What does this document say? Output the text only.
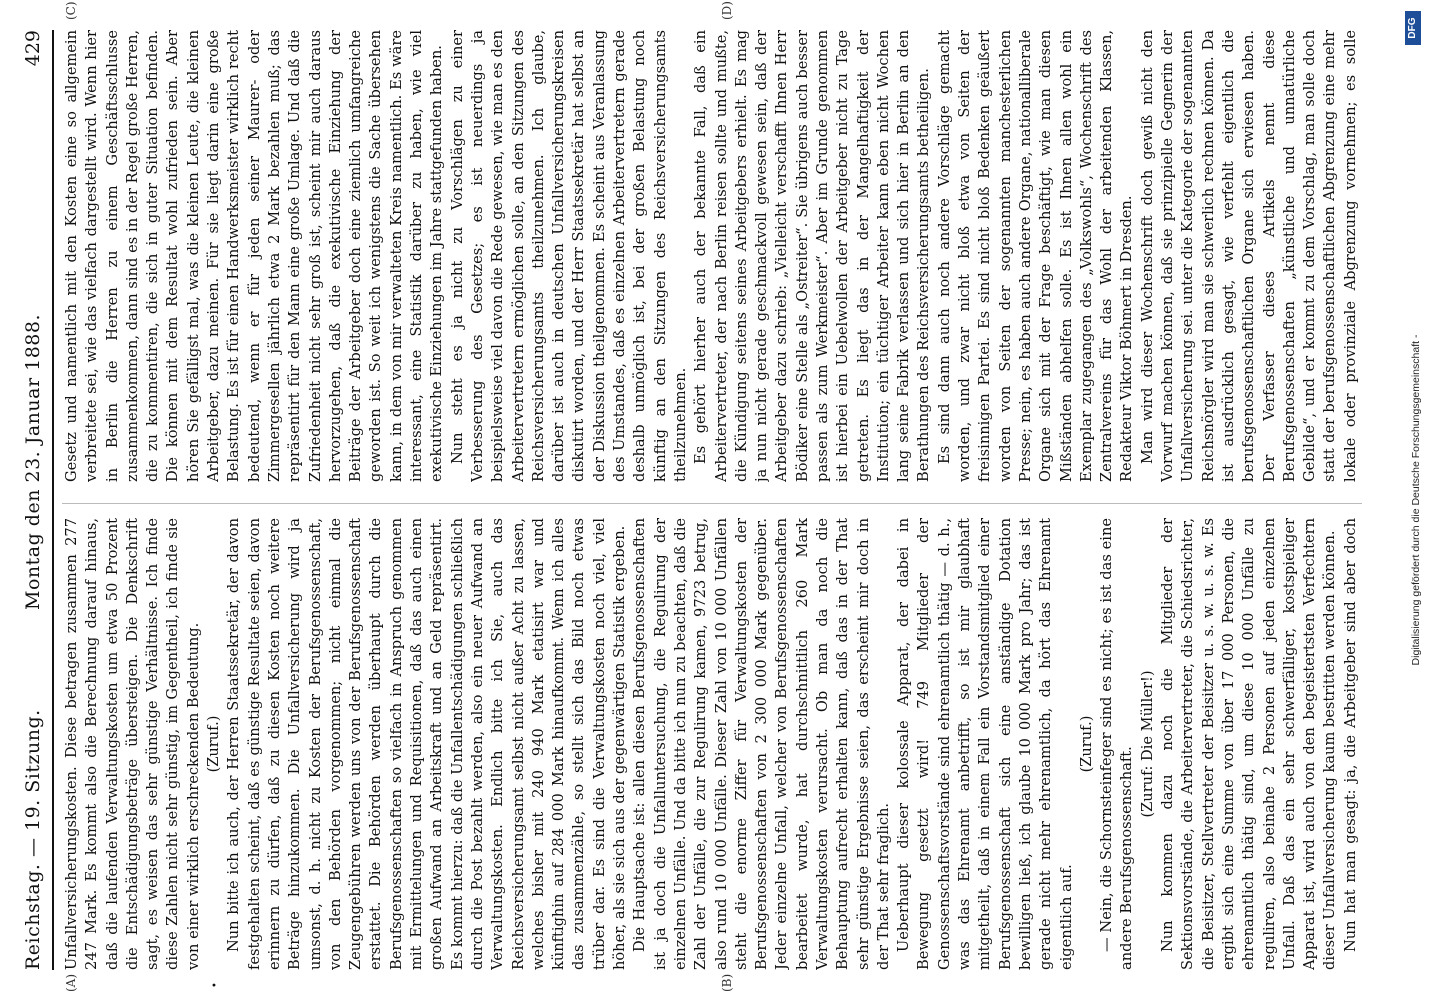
Reichstag. — 19. Sitzung.
Montag den 23. Januar 1888.
429
(A)	(B)
(C)	(D)
•

Unfallversicherungskosten. Diese betragen zusammen 277 247 Mark. Es kommt also die Berechnung darauf hinaus, daß die laufenden Verwaltungskosten um etwa 50 Prozent die Entschädigungsbeträge übersteigen. Die Denkschrift sagt, es weisen das sehr günstige Verhältnisse. Ich finde diese Zahlen nicht sehr günstig, im Gegentheil, ich finde sie von einer wirklich erschreckenden Bedeutung. (Zuruf.) Nun bitte ich auch, der Herren Staatssekretär, der davon festgehalten scheint, daß es günstige Resultate seien, davon erinnern zu dürfen, daß zu diesen Kosten noch weitere Beträge hinzukommen. Die Unfallversicherung wird ja umsonst, d. h. nicht zu Kosten der Berufsgenossenschaft, von den Behörden vorgenommen; nicht einmal die Zeugengebühren werden uns von der Berufsgenossenschaft erstattet. Die Behörden werden überhaupt durch die Berufsgenossenschaften so vielfach in Anspruch genommen mit Ermittelungen und Requisitionen, daß das auch einen großen Aufwand an Arbeitskraft und an Geld repräsentirt. Es kommt hierzu: daß die Unfallentschädigungen schließlich durch die Post bezahlt werden, also ein neuer Aufwand an Verwaltungskosten. Endlich bitte ich Sie, auch das Reichsversicherungsamt selbst nicht außer Acht zu lassen, welches bisher mit 240 940 Mark etatisirt war und künftighin auf 284 000 Mark hinaufkommt. Wenn ich alles das zusammenzähle, so stellt sich das Bild noch etwas trüber dar. Es sind die Verwaltungskosten noch viel, viel höher, als sie sich aus der gegenwärtigen Statistik ergeben. Die Hauptsache ist: allen diesen Berufsgenossenschaften ist ja doch die Unfalluntersuchung, die Regulirung der einzelnen Unfälle. Und da bitte ich nun zu beachten, daß die Zahl der Unfälle, die zur Regulirung kamen, 9723 betrug, also rund 10 000 Unfälle. Dieser Zahl von 10 000 Unfällen steht die enorme Ziffer für Verwaltungskosten der Berufsgenossenschaften von 2 300 000 Mark gegenüber. Jeder einzelne Unfall, welcher von Berufsgenossenschaften bearbeitet wurde, hat durchschnittlich 260 Mark Verwaltungskosten verursacht. Ob man da noch die Behauptung aufrecht erhalten kann, daß das in der That sehr günstige Ergebnisse seien, das erscheint mir doch in der That sehr fraglich. Ueberhaupt dieser kolossale Apparat, der dabei in Bewegung gesetzt wird! 749 Mitglieder der Genossenschaftsvorstände sind ehrenamtlich thätig — d. h., was das Ehrenamt anbetrifft, so ist mir glaubhaft mitgetheilt, daß in einem Fall ein Vorstandsmitglied einer Berufsgenossenschaft sich eine anständige Dotation bewilligen ließ, ich glaube 10 000 Mark pro Jahr; das ist gerade nicht mehr ehrenamtlich, da hört das Ehrenamt eigentlich auf.

(Zuruf.) — Nein, die Schornsteinfeger sind es nicht; es ist das eine andere Berufsgenossenschaft.

(Zuruf: Die Müller!) Nun kommen dazu noch die Mitglieder der Sektionsvorstände, die Arbeitervertreter, die Schiedsrichter, die Beisitzer, Stellvertreter der Beisitzer u. s. w. u. s. w. Es ergibt sich eine Summe von über 17 000 Personen, die ehrenamtlich thätig sind, um diese 10 000 Unfälle zu reguliren, also beinahe 2 Personen auf jeden einzelnen Unfall. Daß das ein sehr schwerfälliger, kostspieliger Apparat ist, wird auch von den begeistertsten Verfechtern dieser Unfallversicherung kaum bestritten werden können. Nun hat man gesagt: ja, die Arbeitgeber sind aber doch

Gesetz und namentlich mit den Kosten eine so allgemein verbreitete sei, wie das vielfach dargestellt wird. Wenn hier in Berlin die Herren zu einem Geschäftsschlusse zusammenkommen, dann sind es in der Regel große Herren, die zu kommentiren, die sich in guter Situation befinden. Die können mit dem Resultat wohl zufrieden sein. Aber hören Sie gefälligst mal, was die kleinen Leute, die kleinen Arbeitgeber, dazu meinen. Für sie liegt darin eine große Belastung. Es ist für einen Handwerksmeister wirklich recht bedeutend, wenn er für jeden seiner Maurer- oder Zimmergesellen jährlich etwa 2 Mark bezahlen muß; das repräsentirt für den Mann eine große Umlage. Und daß die Zufriedenheit nicht sehr groß ist, scheint mir auch daraus hervorzugehen, daß die exekutivische Einziehung der Beiträge der Arbeitgeber doch eine ziemlich umfangreiche geworden ist. So weit ich wenigstens die Sache übersehen kann, in dem von mir verwalteten Kreis namentlich. Es wäre interessant, eine Statistik darüber zu haben, wie viel exekutivische Einziehungen im Jahre stattgefunden haben. Nun steht es ja nicht zu Vorschlägen zu einer Verbesserung des Gesetzes; es ist neuerdings ja beispielsweise viel davon die Rede gewesen, wie man es den Arbeitervertretern ermöglichen solle, an den Sitzungen des Reichsversicherungsamts theilzunehmen. Ich glaube, darüber ist auch in deutschen Unfallversicherungskreisen diskutirt worden, und der Herr Staatssekretär hat selbst an der Diskussion theilgenommen. Es scheint aus Veranlassung des Umstandes, daß es einzelnen Arbeitervertretern gerade deshalb unmöglich ist, bei der großen Belastung noch künftig an den Sitzungen des Reichsversicherungsamts theilzunehmen. Es gehört hierher auch der bekannte Fall, daß ein Arbeitervertreter, der nach Berlin reisen sollte und mußte, die Kündigung seitens seines Arbeitgebers erhielt. Es mag ja nun nicht gerade geschmackvoll gewesen sein, daß der Arbeitgeber dazu schrieb: „Vielleicht verschafft Ihnen Herr Bödiker eine Stelle als „Ostreiter“. Sie übrigens auch besser passen als zum Werkmeister“. Aber im Grunde genommen ist hierbei ein Uebelwollen der Arbeitgeber nicht zu Tage getreten. Es liegt das in der Mangelhaftigkeit der Institution; ein tüchtiger Arbeiter kann eben nicht Wochen lang seine Fabrik verlassen und sich hier in Berlin an den Berathungen des Reichsversicherungsamts betheiligen. Es sind dann auch noch andere Vorschläge gemacht worden, und zwar nicht bloß etwa von Seiten der freisinnigen Partei. Es sind nicht bloß Bedenken geäußert worden von Seiten der sogenannten manchesterlichen Presse; nein, es haben auch andere Organe, nationalliberale Organe sich mit der Frage beschäftigt, wie man diesen Mißständen abhelfen solle. Es ist Ihnen allen wohl ein Exemplar zugegangen des „Volkswohls“, Wochenschrift des Zentralvereins für das Wohl der arbeitenden Klassen, Redakteur Viktor Böhmert in Dresden. Man wird dieser Wochenschrift doch gewiß nicht den Vorwurf machen können, daß sie prinzipielle Gegnerin der Unfallversicherung sei. unter die Kategorie der sogenannten Reichsnörgler wird man sie schwerlich rechnen können. Da ist ausdrücklich gesagt, wie verfehlt eigentlich die berufsgenossenschaftlichen Organe sich erwiesen haben. Der Verfasser dieses Artikels nennt diese Berufsgenossenschaften „künstliche und unnatürliche Gebilde“, und er kommt zu dem Vorschlag, man solle doch statt der berufsgenossenschaftlichen Abgrenzung eine mehr lokale oder provinziale Abgrenzung vornehmen; es solle

Digitalisierung gefördert durch die Deutsche Forschungsgemeinschaft -
DFG
